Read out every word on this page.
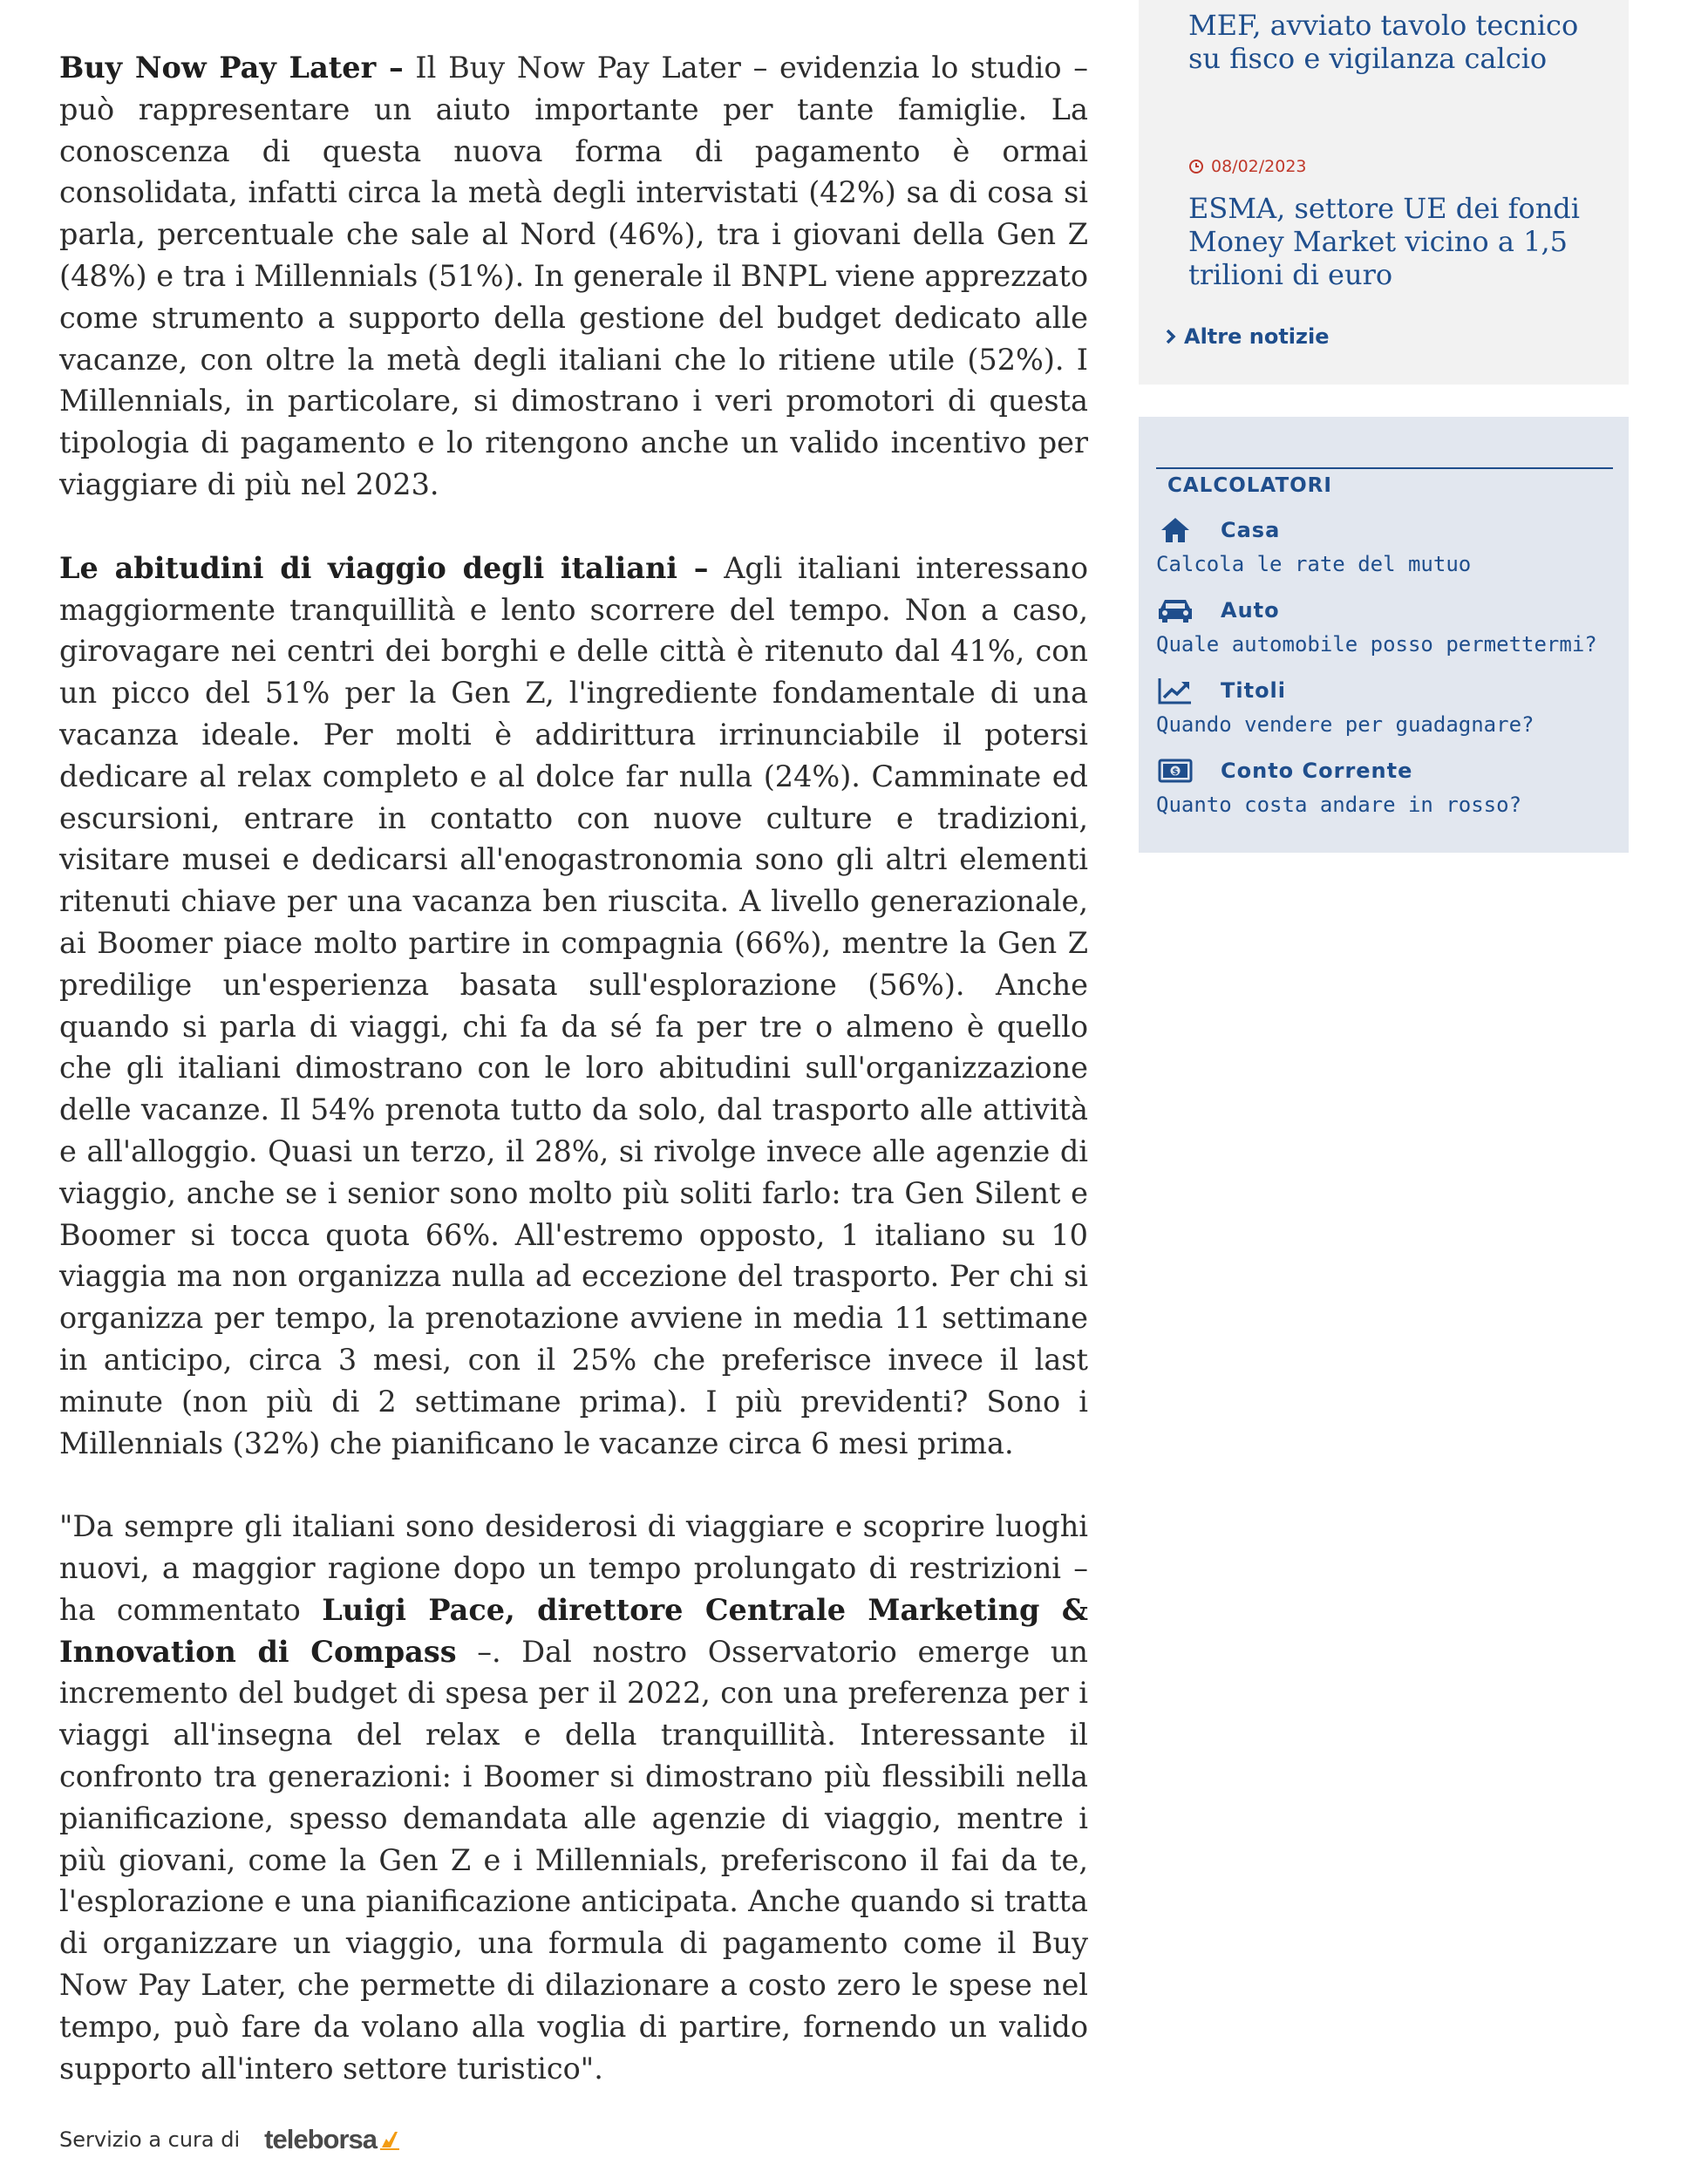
Buy Now Pay Later – Il Buy Now Pay Later – evidenzia lo studio – può rappresentare un aiuto importante per tante famiglie. La conoscenza di questa nuova forma di pagamento è ormai consolidata, infatti circa la metà degli intervistati (42%) sa di cosa si parla, percentuale che sale al Nord (46%), tra i giovani della Gen Z (48%) e tra i Millennials (51%). In generale il BNPL viene apprezzato come strumento a supporto della gestione del budget dedicato alle vacanze, con oltre la metà degli italiani che lo ritiene utile (52%). I Millennials, in particolare, si dimostrano i veri promotori di questa tipologia di pagamento e lo ritengono anche un valido incentivo per viaggiare di più nel 2023.

Le abitudini di viaggio degli italiani – Agli italiani interessano maggiormente tranquillità e lento scorrere del tempo. Non a caso, girovagare nei centri dei borghi e delle città è ritenuto dal 41%, con un picco del 51% per la Gen Z, l'ingrediente fondamentale di una vacanza ideale. Per molti è addirittura irrinunciabile il potersi dedicare al relax completo e al dolce far nulla (24%). Camminate ed escursioni, entrare in contatto con nuove culture e tradizioni, visitare musei e dedicarsi all'enogastronomia sono gli altri elementi ritenuti chiave per una vacanza ben riuscita. A livello generazionale, ai Boomer piace molto partire in compagnia (66%), mentre la Gen Z predilige un'esperienza basata sull'esplorazione (56%). Anche quando si parla di viaggi, chi fa da sé fa per tre o almeno è quello che gli italiani dimostrano con le loro abitudini sull'organizzazione delle vacanze. Il 54% prenota tutto da solo, dal trasporto alle attività e all'alloggio. Quasi un terzo, il 28%, si rivolge invece alle agenzie di viaggio, anche se i senior sono molto più soliti farlo: tra Gen Silent e Boomer si tocca quota 66%. All'estremo opposto, 1 italiano su 10 viaggia ma non organizza nulla ad eccezione del trasporto. Per chi si organizza per tempo, la prenotazione avviene in media 11 settimane in anticipo, circa 3 mesi, con il 25% che preferisce invece il last minute (non più di 2 settimane prima). I più previdenti? Sono i Millennials (32%) che pianificano le vacanze circa 6 mesi prima.

"Da sempre gli italiani sono desiderosi di viaggiare e scoprire luoghi nuovi, a maggior ragione dopo un tempo prolungato di restrizioni – ha commentato Luigi Pace, direttore Centrale Marketing & Innovation di Compass –. Dal nostro Osservatorio emerge un incremento del budget di spesa per il 2022, con una preferenza per i viaggi all'insegna del relax e della tranquillità. Interessante il confronto tra generazioni: i Boomer si dimostrano più flessibili nella pianificazione, spesso demandata alle agenzie di viaggio, mentre i più giovani, come la Gen Z e i Millennials, preferiscono il fai da te, l'esplorazione e una pianificazione anticipata. Anche quando si tratta di organizzare un viaggio, una formula di pagamento come il Buy Now Pay Later, che permette di dilazionare a costo zero le spese nel tempo, può fare da volano alla voglia di partire, fornendo un valido supporto all'intero settore turistico".

MEF, avviato tavolo tecnico su fisco e vigilanza calcio
08/02/2023
ESMA, settore UE dei fondi Money Market vicino a 1,5 trilioni di euro
Altre notizie
CALCOLATORI
Casa
Calcola le rate del mutuo
Auto
Quale automobile posso permettermi?
Titoli
Quando vendere per guadagnare?
$ Conto Corrente
Quanto costa andare in rosso?
Servizio a cura di teleborsa
